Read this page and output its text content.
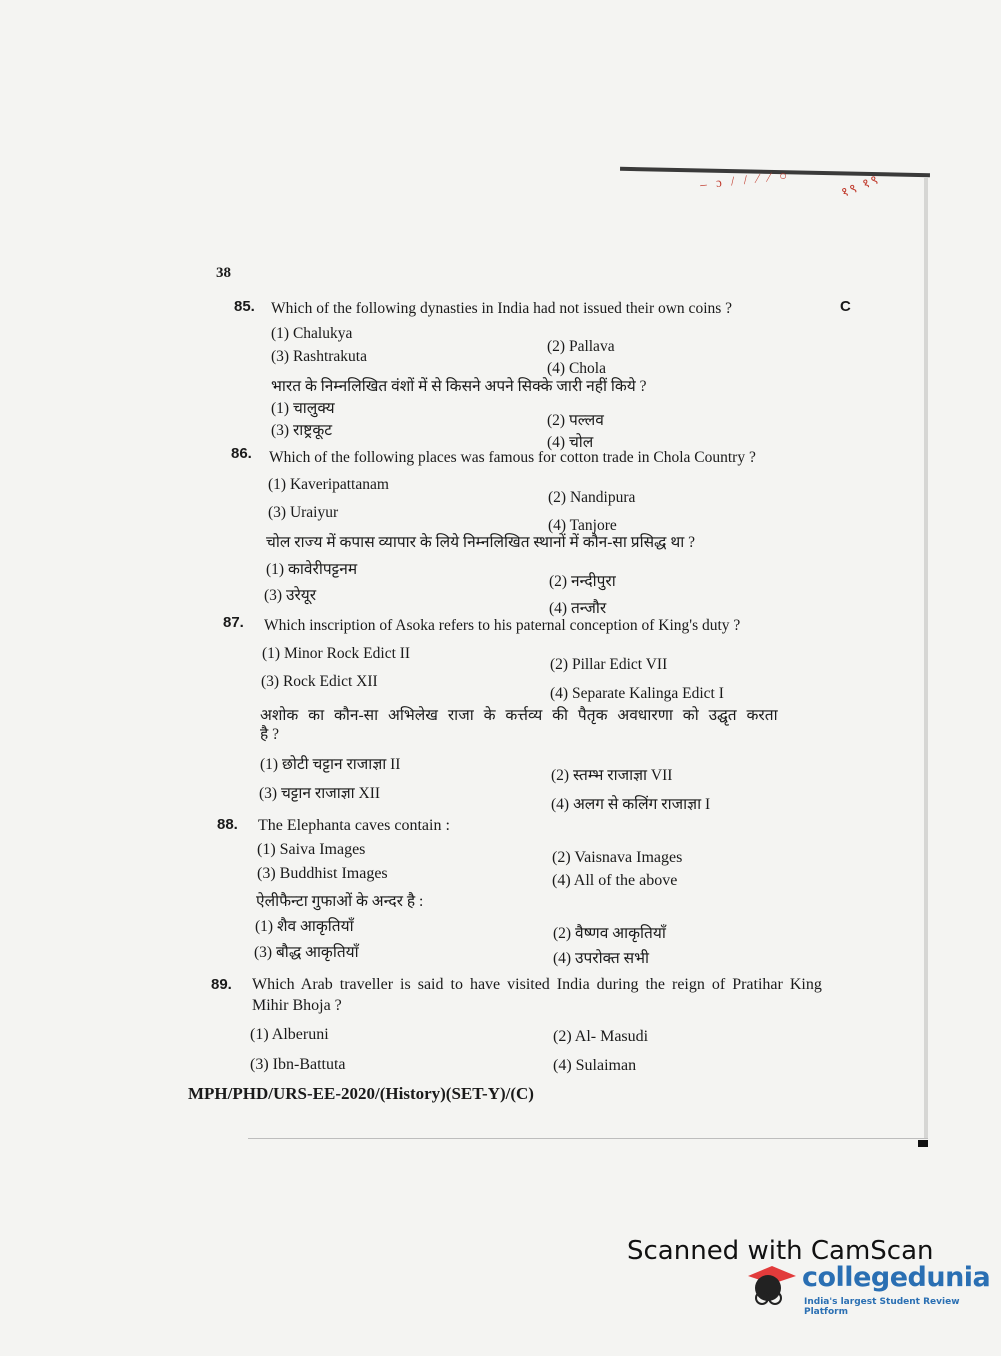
‒ ɔ / / ∕ ∕ ○	१९ १९
38
C
85. Which of the following dynasties in India had not issued their own coins ?
(1) Chalukya
(2) Pallava
(3) Rashtrakuta
(4) Chola
भारत के निम्नलिखित वंशों में से किसने अपने सिक्के जारी नहीं किये ?
(1) चालुक्य
(2) पल्लव
(3) राष्ट्रकूट
(4) चोल
86. Which of the following places was famous for cotton trade in Chola Country ?
(1) Kaveripattanam
(2) Nandipura
(3) Uraiyur
(4) Tanjore
चोल राज्य में कपास व्यापार के लिये निम्नलिखित स्थानों में कौन-सा प्रसिद्ध था ?
(1) कावेरीपट्टनम
(2) नन्दीपुरा
(3) उरेयूर
(4) तन्जौर
87. Which inscription of Asoka refers to his paternal conception of King's duty ?
(1) Minor Rock Edict II
(2) Pillar Edict VII
(3) Rock Edict XII
(4) Separate Kalinga Edict I
अशोक का कौन-सा अभिलेख राजा के कर्त्तव्य की पैतृक अवधारणा को उद्घृत करता
है ?
(1) छोटी चट्टान राजाज्ञा II
(2) स्तम्भ राजाज्ञा VII
(3) चट्टान राजाज्ञा XII
(4) अलग से कलिंग राजाज्ञा I
88. The Elephanta caves contain :
(1) Saiva Images	(2) Vaisnava Images
(3) Buddhist Images	(4) All of the above
ऐलीफैन्टा गुफाओं के अन्दर है :
(1) शैव आकृतियाँ	(2) वैष्णव आकृतियाँ
(3) बौद्ध आकृतियाँ	(4) उपरोक्त सभी
89. Which Arab traveller is said to have visited India during the reign of Pratihar King
Mihir Bhoja ?
(1) Alberuni	(2) Al- Masudi
(3) Ibn-Battuta	(4) Sulaiman
MPH/PHD/URS-EE-2020/(History)(SET-Y)/(C)
Scanned with CamScan
collegedunia
India's largest Student Review Platform
